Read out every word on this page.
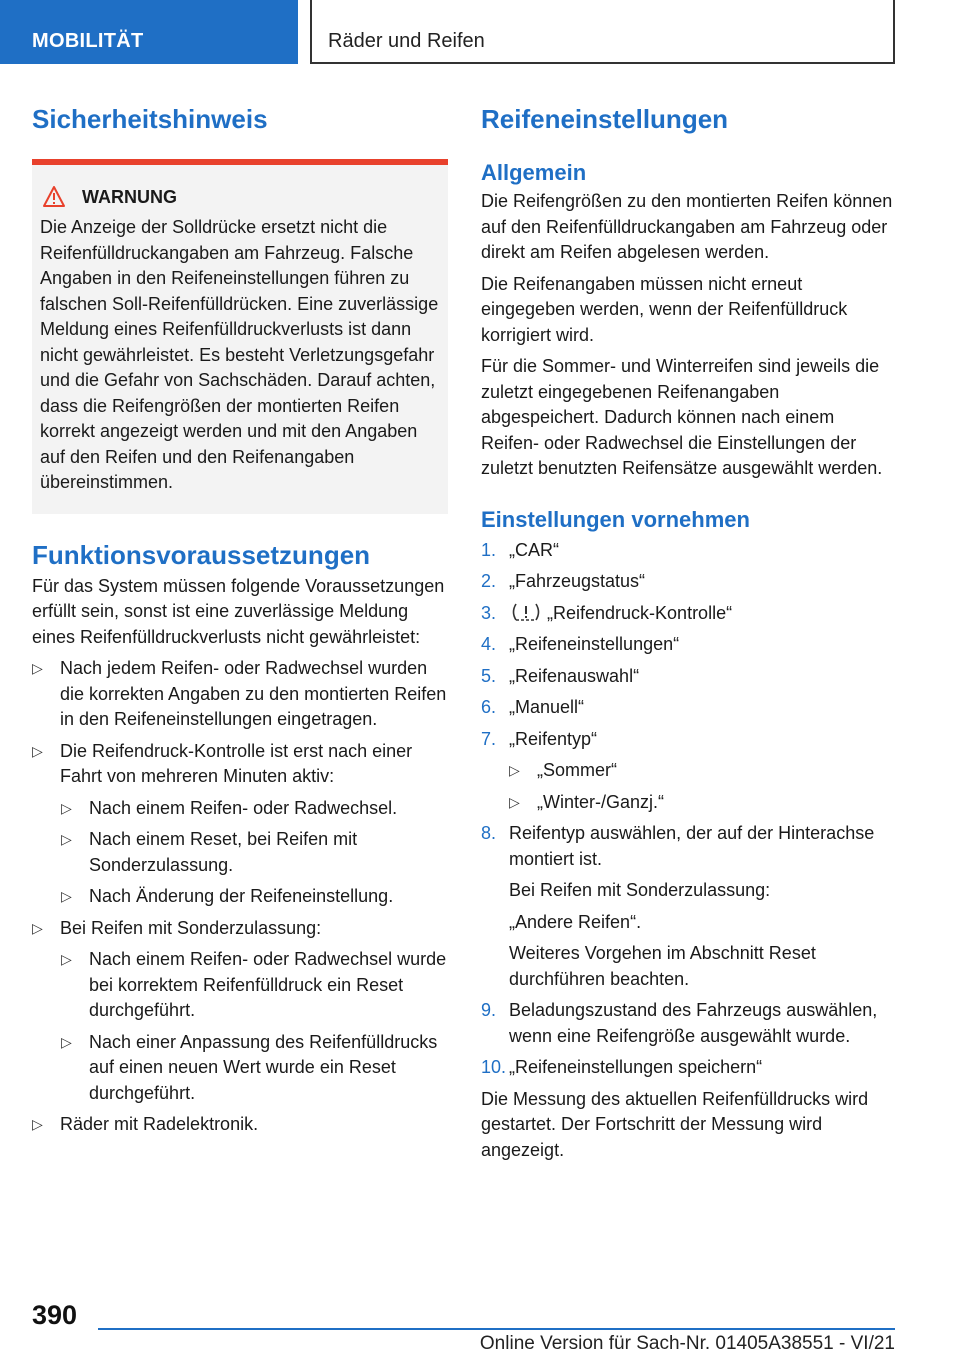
MOBILITÄT	Räder und Reifen
Sicherheitshinweis
WARNUNG

Die Anzeige der Solldrücke ersetzt nicht die Reifenfülldruckangaben am Fahrzeug. Falsche Angaben in den Reifeneinstellungen führen zu falschen Soll-Reifenfülldrücken. Eine zuverlässige Meldung eines Reifenfülldruckverlusts ist dann nicht gewährleistet. Es besteht Verletzungsgefahr und die Gefahr von Sachschäden. Darauf achten, dass die Reifengrößen der montierten Reifen korrekt angezeigt werden und mit den Angaben auf den Reifen und den Reifenangaben übereinstimmen.

Funktionsvoraussetzungen

Für das System müssen folgende Voraussetzungen erfüllt sein, sonst ist eine zuverlässige Meldung eines Reifenfülldruckverlusts nicht gewährleistet:

▷ Nach jedem Reifen- oder Radwechsel wurden die korrekten Angaben zu den montierten Reifen in den Reifeneinstellungen eingetragen.
▷ Die Reifendruck-Kontrolle ist erst nach einer Fahrt von mehreren Minuten aktiv:
▷ Nach einem Reifen- oder Radwechsel.
▷ Nach einem Reset, bei Reifen mit Sonderzulassung.
▷ Nach Änderung der Reifeneinstellung.
▷ Bei Reifen mit Sonderzulassung:
▷ Nach einem Reifen- oder Radwechsel wurde bei korrektem Reifenfülldruck ein Reset durchgeführt.
▷ Nach einer Anpassung des Reifenfülldrucks auf einen neuen Wert wurde ein Reset durchgeführt.
▷ Räder mit Radelektronik.
Reifeneinstellungen
Allgemein

Die Reifengrößen zu den montierten Reifen können auf den Reifenfülldruckangaben am Fahrzeug oder direkt am Reifen abgelesen werden.

Die Reifenangaben müssen nicht erneut eingegeben werden, wenn der Reifenfülldruck korrigiert wird.

Für die Sommer- und Winterreifen sind jeweils die zuletzt eingegebenen Reifenangaben abgespeichert. Dadurch können nach einem Reifen- oder Radwechsel die Einstellungen der zuletzt benutzten Reifensätze ausgewählt werden.

Einstellungen vornehmen
1. „CAR“
2. „Fahrzeugstatus“
3.	„Reifendruck-Kontrolle“
4. „Reifeneinstellungen“
5. „Reifenauswahl“
6. „Manuell“
7. „Reifentyp“
▷ „Sommer“
▷ „Winter-/Ganzj.“
8. Reifentyp auswählen, der auf der Hinterachse montiert ist.
Bei Reifen mit Sonderzulassung:
„Andere Reifen“.
Weiteres Vorgehen im Abschnitt Reset durchführen beachten.
9. Beladungszustand des Fahrzeugs auswählen, wenn eine Reifengröße ausgewählt wurde.
10. „Reifeneinstellungen speichern“

Die Messung des aktuellen Reifenfülldrucks wird gestartet. Der Fortschritt der Messung wird angezeigt.

390
Online Version für Sach-Nr. 01405A38551 - VI/21
